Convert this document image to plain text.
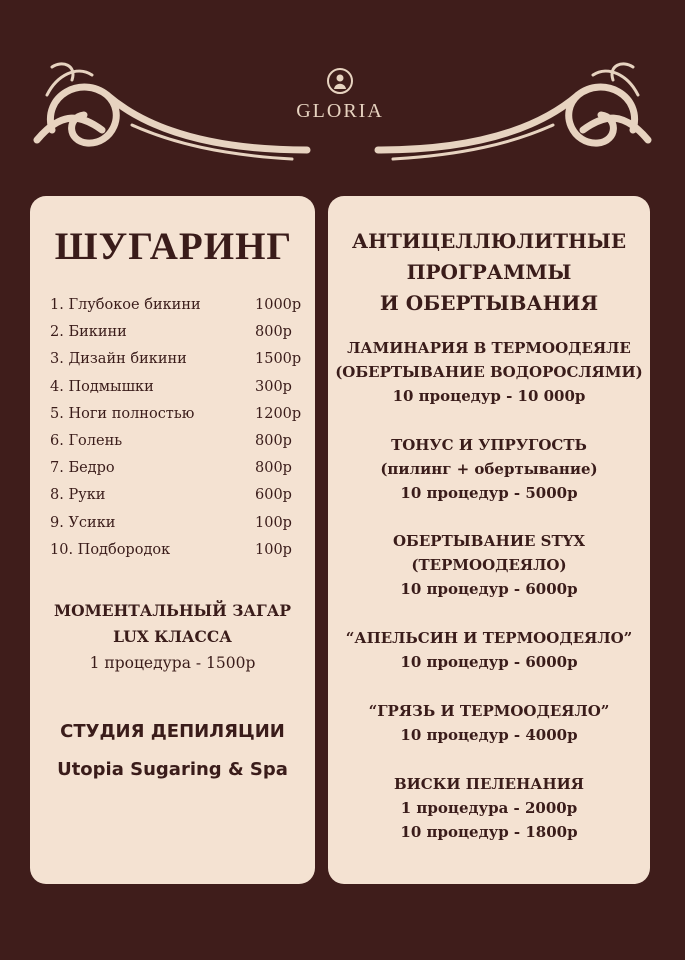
GLORIA
ШУГАРИНГ
1. Глубокое бикини	1000р
2. Бикини	800р
3. Дизайн бикини	1500р
4. Подмышки	300р
5. Ноги полностью	1200р
6. Голень	800р
7. Бедро	800р
8. Руки	600р
9. Усики	100р
10. Подбородок	100р
МОМЕНТАЛЬНЫЙ ЗАГАР
LUX КЛАССА
1 процедура - 1500р
СТУДИЯ ДЕПИЛЯЦИИ
Utopia Sugaring & Spa
АНТИЦЕЛЛЮЛИТНЫЕ
ПРОГРАММЫ
И ОБЕРТЫВАНИЯ
ЛАМИНАРИЯ В ТЕРМООДЕЯЛЕ
(ОБЕРТЫВАНИЕ ВОДОРОСЛЯМИ)
10 процедур - 10 000р
ТОНУС И УПРУГОСТЬ
(пилинг + обертывание)
10 процедур - 5000р
ОБЕРТЫВАНИЕ STYX
(ТЕРМООДЕЯЛО)
10 процедур - 6000р
“АПЕЛЬСИН И ТЕРМООДЕЯЛО”
10 процедур - 6000р
“ГРЯЗЬ И ТЕРМООДЕЯЛО”
10 процедур - 4000р
ВИСКИ ПЕЛЕНАНИЯ
1 процедура - 2000р
10 процедур - 1800р
